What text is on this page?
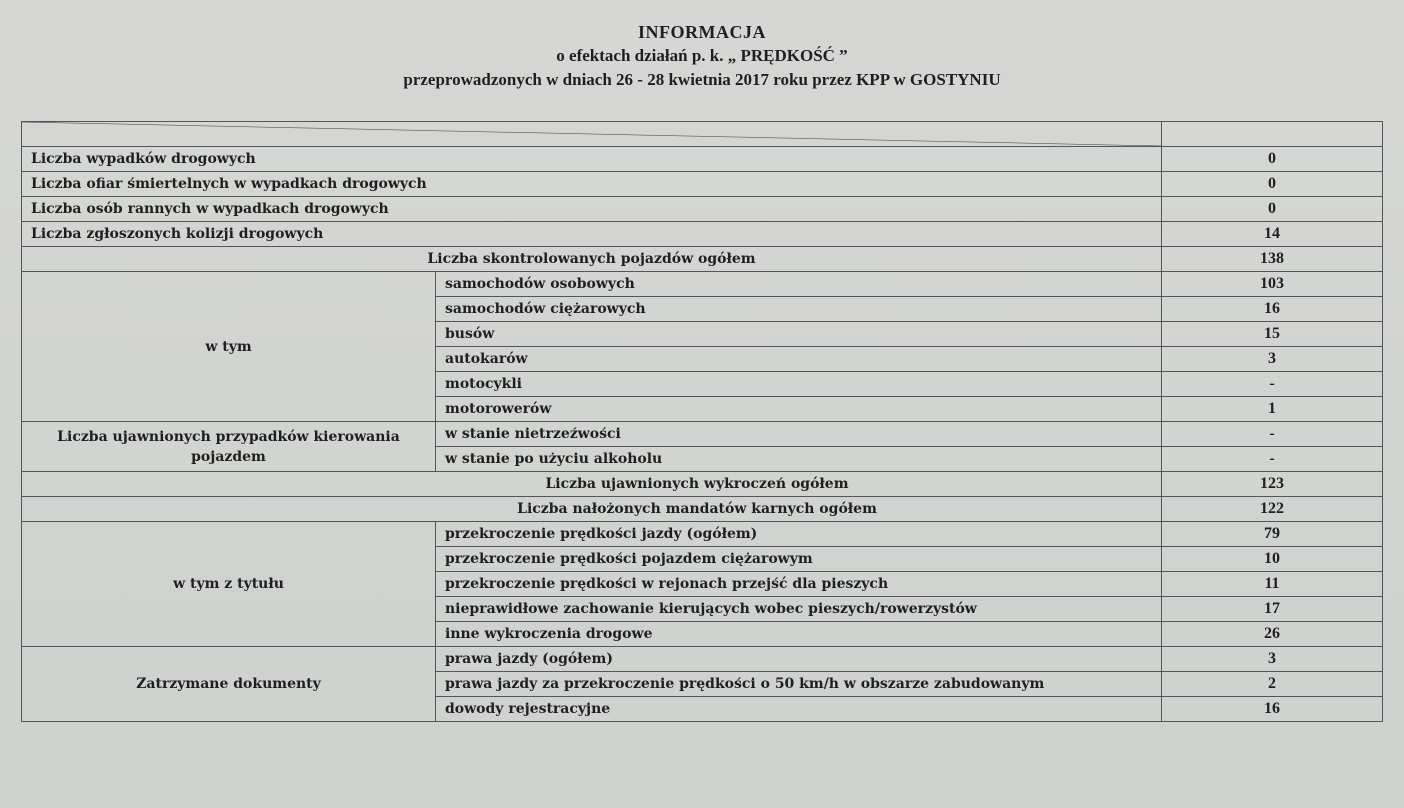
INFORMACJA
o efektach działań p. k. „ PRĘDKOŚĆ ”
przeprowadzonych w dniach 26 - 28 kwietnia 2017 roku przez KPP w GOSTYNIU

Liczba wypadków drogowych		0
Liczba ofiar śmiertelnych w wypadkach drogowych		0
Liczba osób rannych w wypadkach drogowych		0
Liczba zgłoszonych kolizji drogowych		14
Liczba skontrolowanych pojazdów ogółem		138
w tym	samochodów osobowych	103
	samochodów ciężarowych	16
	busów	15
	autokarów	3
	motocykli	-
	motorowerów	1
Liczba ujawnionych przypadków kierowania pojazdem	w stanie nietrzeźwości	-
	w stanie po użyciu alkoholu	-
Liczba ujawnionych wykroczeń ogółem		123
Liczba nałożonych mandatów karnych ogółem		122
w tym z tytułu	przekroczenie prędkości jazdy (ogółem)	79
	przekroczenie prędkości pojazdem ciężarowym	10
	przekroczenie prędkości w rejonach przejść dla pieszych	11
	nieprawidłowe zachowanie kierujących wobec pieszych/rowerzystów	17
	inne wykroczenia drogowe	26
Zatrzymane dokumenty	prawa jazdy (ogółem)	3
	prawa jazdy za przekroczenie prędkości o 50 km/h w obszarze zabudowanym	2
	dowody rejestracyjne	16
